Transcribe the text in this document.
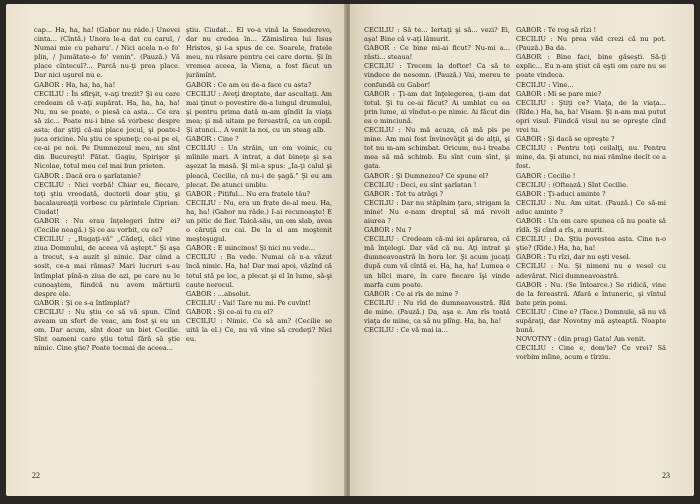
cap... Ha, ha, ha! (Gabor nu râde.) Unevei cinta... (Cîntă.) Unora le-a dat cu carul, / Numai mie cu paharu'. / Nici acela n-o fo' plin, / Jumătate-o fo' venin". (Pauză.) Vă place cîntecul?... Parcă nu-ţi prea place. Dar nici uşurel nu e.

GABOR : Ha, ha, ha, ha!

CECILIU : În sfîrşit, v-aţi trezit? Şi eu care credeam că v-aţi supărat. Ha, ha, ha, ha! Nu, nu se poate, o piesă ca asta... Ce era să zic... Poate nu-i bine să vorbesc despre asta; dar ştiţi că-mi place jocul, şi poate-l juca oricine. Nu ştiu ce spuneţi; ce-ai pe ei, ce-ai pe noi. Pe Dumnezeul meu, nu sînt din Bucureşti! Pătat. Gagiu, Spirişor şi Nicolae, totul meu cel mai bun prieten.

GABOR : Dacă era o şarlatanie?

CECILIU : Nici vorbă! Chiar eu, fiecare, toţi ştiu vreodată, doctorii doar ştiu, şi bacalaureaţii vorbesc cu părintele Ciprian. Ciudat!

GABOR : Nu erau înţelegeri între ei? (Cecilie neagă.) Şi ce au vorbit, cu ce?

CECILIU : „Rugaţi-vă" „Cădeţi, căci vine ziua Domnului, de aceea vă aştept." Şi aşa a trecut, s-a auzit şi nimic. Dar când a sosit, ce-a mai rămas? Mari lucruri s-au întîmplat pînă-n ziua de azi, pe care nu le cunoaştem, fiindcă nu avem mărturii despre ele.

GABOR : Şi ce s-a întîmplat?

CECILIU : Nu ştiu ce să vă spun. Cînd aveam un sfert de veac, am fost şi eu un om. Dar acum, sînt doar un biet Cecilie. Sînt oameni care ştiu totul fără să ştie nimic. Cine ştie? Poate tocmai de aceea...

ştiu. Ciudat... El vo-a vină la Smederevo, dar nu credea în... Zămislirea lui Iisus Hristos, şi i-a spus de ce. Soarele, fratele meu, nu răsare pentru cei care dorm. Şi în vremea aceea, la Viena, a fost făcut un jurămînt.

GABOR : Ce am eu de-a face cu asta?

CECILIU : Aveţi dreptate, dar ascultaţi. Am mai ţinut o povestire de-a lungul drumului, şi pentru prima dată m-am gîndit la viaţa mea; şi mă uitam pe fereastră, ca un copil. Şi atunci... A venit la noi, cu un steag alb.

GABOR : Cine ?

CECILIU : Un străin, un om voinic, cu mîinile mari. A intrat, a dat bineţe şi s-a aşezat la masă. Şi mi-a spus: „Ia-ţi calul şi pleacă, Cecilie, că nu-i de şagă." Şi eu am plecat. De atunci umblu.

GABOR : Pitiful... Nu era fratele tău?

CECILIU : Nu, era un frate de-al meu. Ha, ha, ha! (Gabor nu râde.) I-ai recunoaşte! E un pitic de fier. Taică-său, un om slab, avea o căruţă cu cai. De la el am moştenit meşteşugul.

GABOR : E mincinos! Şi nici nu vede...

CECILIU : Ba vede. Numai că n-a văzut încă nimic. Ha, ha! Dar mai apoi, văzînd că totul stă pe loc, a plecat şi el în lume, să-şi caute norocul.

GABOR : ...absolut.

CECILIU : Vai! Tare nu mi. Pe cuvînt!

GABOR : Şi ce-ai tu cu el?

CECILIU : Nimic. Ce să am? (Cecilie se uită la el.) Ce, nu vă vine să credeţi? Nici eu.

22

CECILIU : Să te... Iertaţi şi să... vezi? Ei, aşa! Bine că v-aţi lămurit.

GABOR : Ce bine mi-ai ficut? Nu-mi a... răsti... steaua!

CECILIU : Trecem la doftor! Ca să te vindece de nesomn. (Pauză.) Vai, mereu te confundă cu Gabor!

GABOR : Ţi-am dat înţelegerea, ţi-am dat totul. Şi tu ce-ai făcut? Ai umblat cu ea prin lume, ai vîndut-o pe nimic. Ai făcut din ea o minciună.

CECILIU : Nu mă acuza, că mă pis pe mine. Am mai fost învinovăţit şi de alţii, şi tot nu m-am schimbat. Oricum, nu-i treaba mea să mă schimb. Eu sînt cum sînt, şi gata.

GABOR : Şi Dumnezeu? Ce spune el?

CECILIU : Deci, eu sînt şarlatan !

GABOR : Tot tu atrăgi ?

CECILIU : Dar nu stăpînim ţara, strigam la mine! Nu e-nam dreptul să mă revolt aiurea ?

GABOR : Nu ?

CECILIU : Credeam că-mi iei apărarea, că mă înţelegi. Dar văd că nu. Aţi intrat şi dumneavoastră în hora lor. Şi acum jucaţi după cum vă cîntă ei. Ha, ha, ha! Lumea e un bîlci mare, în care fiecare îşi vinde marfa cum poate.

GABOR : Ce ai rîs de mine ?

CECILIU : Nu rîd de dumneavoastră. Rîd de mine. (Pauză.) Da, aşa e. Am rîs toată viaţa de mine, ca să nu plîng. Ha, ha, ha!

CECILIU : Ce vă mai ia...

GABOR : Te rog să rîzi !

CECILIU : Nu prea văd crezi că nu pot. (Pauză.) Ba da.

GABOR : Bine faci, bine găseşti. Să-ţi explic... Eu n-am ştiut că eşti om care nu se poate vindeca.

CECILIU : Vine...

GABOR : Mi se pare mie?

CECILIU : Ştiţi ce? Viaţa, de la viaţa... (Rîde.) Ha, ha, ha! Visam. Şi n-am mai putut opri visul. Fiindcă visul nu se opreşte cînd vrei tu.

GABOR : Şi dacă se opreşte ?

CECILIU : Pentru toţi ceilalţi, nu. Pentru mine, da. Şi atunci, nu mai rămîne decît ce a fost.

GABOR : Cecilie !

CECILIU : (Oftează.) Sînt Cecilie.

GABOR : Ţi-aduci aminte ?

CECILIU : Nu. Am uitat. (Pauză.) Ce să-mi aduc aminte ?

GABOR : Un om care spunea că nu poate să rîdă. Şi cînd a rîs, a murit.

CECILIU : Da. Ştiu povestea asta. Cine n-o ştie? (Rîde.) Ha, ha, ha!

GABOR : Tu rîzi, dar nu eşti vesel.

CECILIU : Nu. Şi nimeni nu e vesel cu adevărat. Nici dumneavoastră.

GABOR : Nu. (Se întoarce.) Se ridică, vine de la fereastră. Afară e întuneric, şi vîntul bate prin pomi.

CECILIU : Cine e? (Tace.) Domnule, să nu vă supăraţi, dar Novotny mă aşteaptă. Noapte bună.

NOVOTNY : (din prag) Gata! Am venit.

CECILIU : Cine e, dom'le? Ce vrei? Să vorbim mîine, acum e tîrziu.

23
